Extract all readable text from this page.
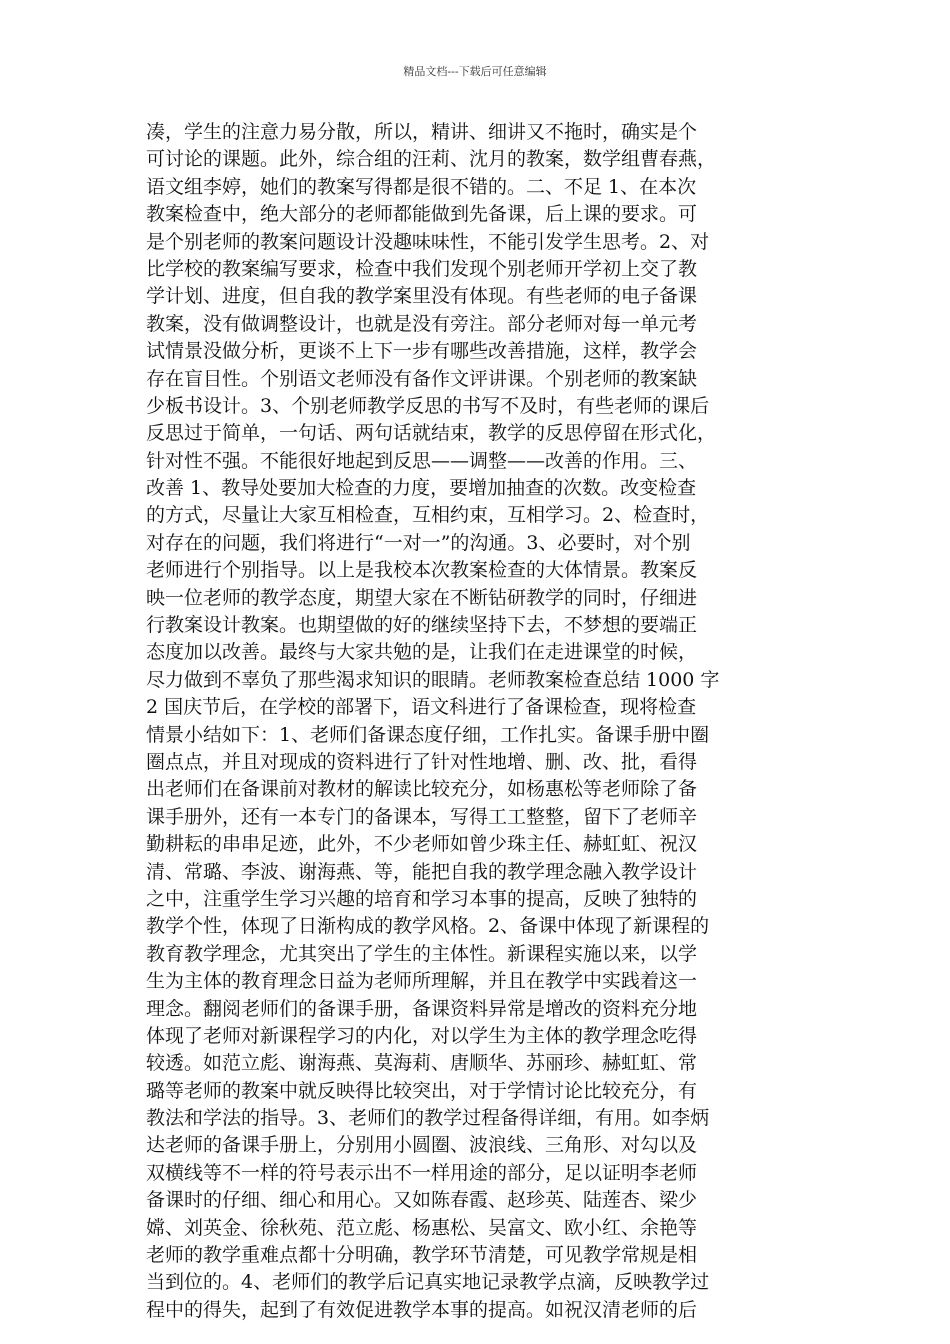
精品文档---下载后可任意编辑
凑，学生的注意力易分散，所以，精讲、细讲又不拖时，确实是个
可讨论的课题。此外，综合组的汪莉、沈月的教案，数学组曹春燕，
语文组李婷，她们的教案写得都是很不错的。二、不足 1、在本次
教案检查中，绝大部分的老师都能做到先备课，后上课的要求。可
是个别老师的教案问题设计没趣味味性，不能引发学生思考。2、对
比学校的教案编写要求，检查中我们发现个别老师开学初上交了教
学计划、进度，但自我的教学案里没有体现。有些老师的电子备课
教案，没有做调整设计，也就是没有旁注。部分老师对每一单元考
试情景没做分析，更谈不上下一步有哪些改善措施，这样，教学会
存在盲目性。个别语文老师没有备作文评讲课。个别老师的教案缺
少板书设计。3、个别老师教学反思的书写不及时，有些老师的课后
反思过于简单，一句话、两句话就结束，教学的反思停留在形式化，
针对性不强。不能很好地起到反思——调整——改善的作用。三、
改善 1、教导处要加大检查的力度，要增加抽查的次数。改变检查
的方式，尽量让大家互相检查，互相约束，互相学习。2、检查时，
对存在的问题，我们将进行“一对一”的沟通。3、必要时，对个别
老师进行个别指导。以上是我校本次教案检查的大体情景。教案反
映一位老师的教学态度，期望大家在不断钻研教学的同时，仔细进
行教案设计教案。也期望做的好的继续坚持下去，不梦想的要端正
态度加以改善。最终与大家共勉的是，让我们在走进课堂的时候，
尽力做到不辜负了那些渴求知识的眼睛。老师教案检查总结 1000 字
2 国庆节后，在学校的部署下，语文科进行了备课检查，现将检查
情景小结如下：1、老师们备课态度仔细，工作扎实。备课手册中圈
圈点点，并且对现成的资料进行了针对性地增、删、改、批，看得
出老师们在备课前对教材的解读比较充分，如杨惠松等老师除了备
课手册外，还有一本专门的备课本，写得工工整整，留下了老师辛
勤耕耘的串串足迹，此外，不少老师如曾少珠主任、赫虹虹、祝汉
清、常璐、李波、谢海燕、等，能把自我的教学理念融入教学设计
之中，注重学生学习兴趣的培育和学习本事的提高，反映了独特的
教学个性，体现了日渐构成的教学风格。2、备课中体现了新课程的
教育教学理念，尤其突出了学生的主体性。新课程实施以来，以学
生为主体的教育理念日益为老师所理解，并且在教学中实践着这一
理念。翻阅老师们的备课手册，备课资料异常是增改的资料充分地
体现了老师对新课程学习的内化，对以学生为主体的教学理念吃得
较透。如范立彪、谢海燕、莫海莉、唐顺华、苏丽珍、赫虹虹、常
璐等老师的教案中就反映得比较突出，对于学情讨论比较充分，有
教法和学法的指导。3、老师们的教学过程备得详细，有用。如李炳
达老师的备课手册上，分别用小圆圈、波浪线、三角形、对勾以及
双横线等不一样的符号表示出不一样用途的部分，足以证明李老师
备课时的仔细、细心和用心。又如陈春霞、赵珍英、陆莲杏、梁少
嫦、刘英金、徐秋苑、范立彪、杨惠松、吴富文、欧小红、余艳等
老师的教学重难点都十分明确，教学环节清楚，可见教学常规是相
当到位的。4、老师们的教学后记真实地记录教学点滴，反映教学过
程中的得失，起到了有效促进教学本事的提高。如祝汉清老师的后
